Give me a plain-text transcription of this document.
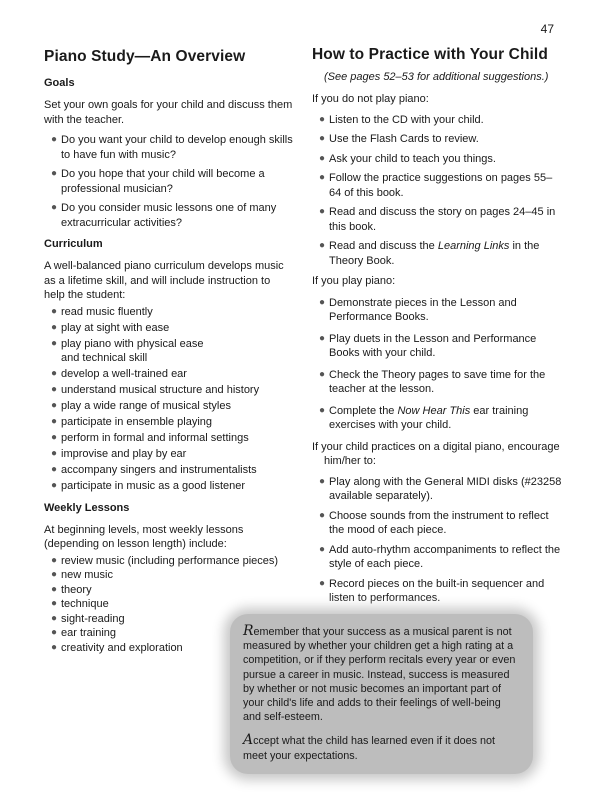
47
Piano Study—An Overview
Goals

Set your own goals for your child and discuss them with the teacher.

● Do you want your child to develop enough skills to have fun with music?
● Do you hope that your child will become a professional musician?
● Do you consider music lessons one of many extracurricular activities?
Curriculum

A well-balanced piano curriculum develops music as a lifetime skill, and will include instruction to help the student:

● read music fluently
● play at sight with ease
● play piano with physical ease and technical skill
● develop a well-trained ear
● understand musical structure and history
● play a wide range of musical styles
● participate in ensemble playing
● perform in formal and informal settings
● improvise and play by ear
● accompany singers and instrumentalists
● participate in music as a good listener
Weekly Lessons

At beginning levels, most weekly lessons (depending on lesson length) include:

● review music (including performance pieces)
● new music
● theory
● technique
● sight-reading
● ear training
● creativity and exploration
How to Practice with Your Child
(See pages 52–53 for additional suggestions.)

If you do not play piano:

● Listen to the CD with your child.
● Use the Flash Cards to review.
● Ask your child to teach you things.
● Follow the practice suggestions on pages 55–64 of this book.
● Read and discuss the story on pages 24–45 in this book.
● Read and discuss the Learning Links in the Theory Book.

If you play piano:

● Demonstrate pieces in the Lesson and Performance Books.
● Play duets in the Lesson and Performance Books with your child.
● Check the Theory pages to save time for the teacher at the lesson.
● Complete the Now Hear This ear training exercises with your child.

If your child practices on a digital piano, encourage him/her to:

● Play along with the General MIDI disks (#23258 available separately).
● Choose sounds from the instrument to reflect the mood of each piece.
● Add auto-rhythm accompaniments to reflect the style of each piece.
● Record pieces on the built-in sequencer and listen to performances.

Remember that your success as a musical parent is not measured by whether your children get a high rating at a competition, or if they perform recitals every year or even pursue a career in music. Instead, success is measured by whether or not music becomes an important part of your child's life and adds to their feelings of well-being and self-esteem.

Accept what the child has learned even if it does not meet your expectations.
